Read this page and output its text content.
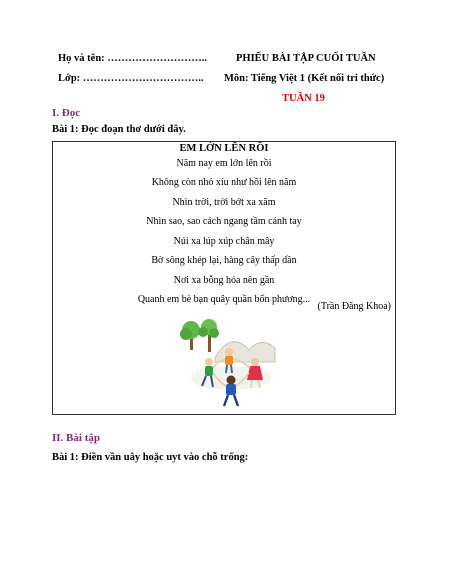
Họ và tên: ………………………..	PHIẾU BÀI TẬP CUỐI TUẦN
Lớp: …………………………….. Môn: Tiếng Việt 1 (Kết nối tri thức)
TUẦN 19
I. Đọc
Bài 1: Đọc đoạn thơ dưới đây.
EM LỚN LÊN RỒI
Năm nay em lớn lên rồi
Không còn nhỏ xíu như hồi lên năm
Nhìn trời, trời bớt xa xăm
Nhìn sao, sao cách ngang tầm cánh tay
Núi xa lúp xúp chân mây
Bờ sông khép lại, hàng cây thấp dần
Nơi xa bỗng hóa nên gần
Quanh em bè bạn quây quần bốn phương...
(Trần Đăng Khoa)
II. Bài tập
Bài 1: Điền vần uây hoặc uyt vào chỗ trống:
